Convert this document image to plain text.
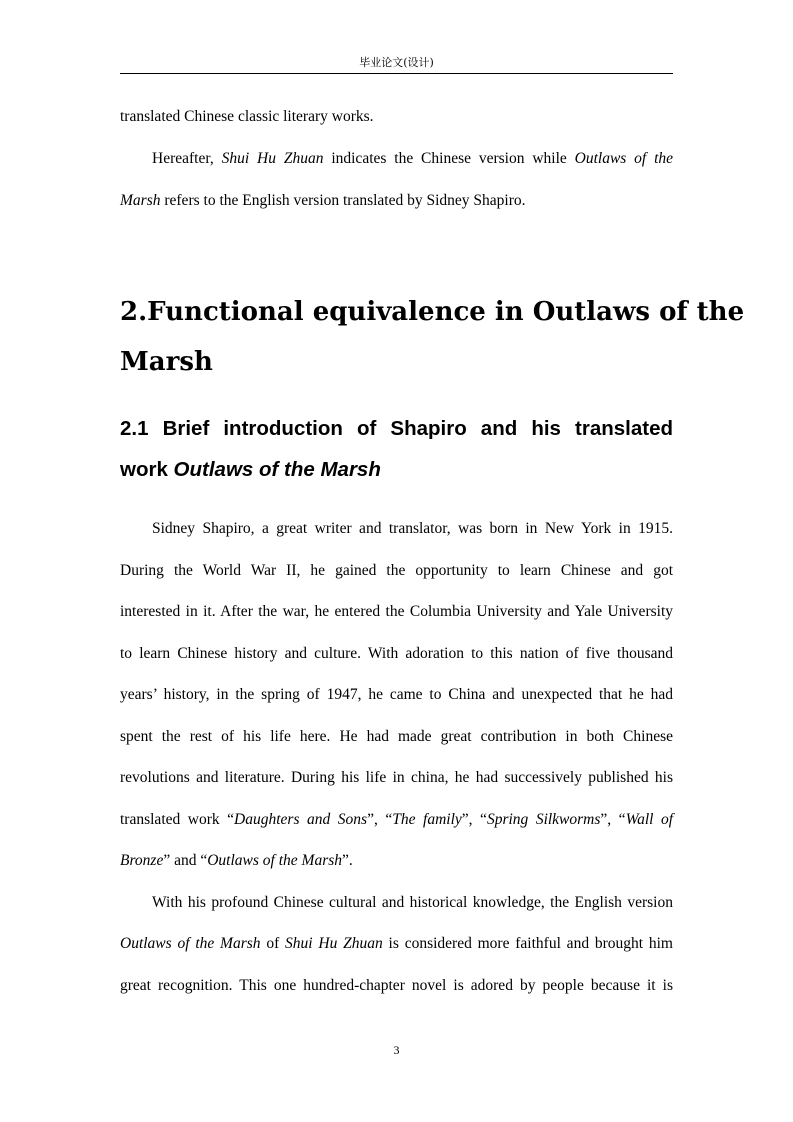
毕业论文(设计)
translated Chinese classic literary works.
Hereafter, Shui Hu Zhuan indicates the Chinese version while Outlaws of the
Marsh refers to the English version translated by Sidney Shapiro.
2.Functional equivalence in Outlaws of the
Marsh
2.1 Brief introduction of Shapiro and his translated
work Outlaws of the Marsh
Sidney Shapiro, a great writer and translator, was born in New York in 1915.
During the World War II, he gained the opportunity to learn Chinese and got
interested in it. After the war, he entered the Columbia University and Yale University
to learn Chinese history and culture. With adoration to this nation of five thousand
years’ history, in the spring of 1947, he came to China and unexpected that he had
spent the rest of his life here. He had made great contribution in both Chinese
revolutions and literature. During his life in china, he had successively published his
translated work “Daughters and Sons”, “The family”, “Spring Silkworms”, “Wall of
Bronze” and “Outlaws of the Marsh”.
With his profound Chinese cultural and historical knowledge, the English version
Outlaws of the Marsh of Shui Hu Zhuan is considered more faithful and brought him
great recognition. This one hundred-chapter novel is adored by people because it is
3
